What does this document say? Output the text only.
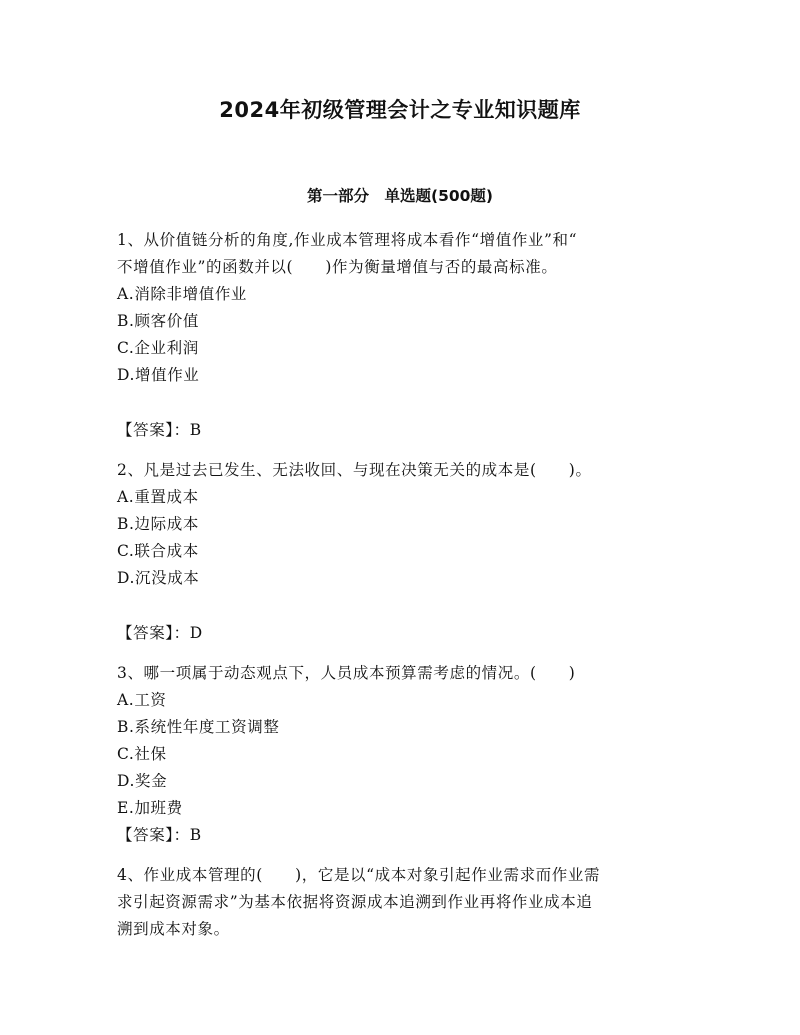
2024年初级管理会计之专业知识题库
第一部分　单选题(500题)
1、从价值链分析的角度,作业成本管理将成本看作“增值作业”和“
不增值作业”的函数并以(　　)作为衡量增值与否的最高标准。
A.消除非增值作业
B.顾客价值
C.企业利润
D.增值作业
【答案】：B
2、凡是过去已发生、无法收回、与现在决策无关的成本是(　　)。
A.重置成本
B.边际成本
C.联合成本
D.沉没成本
【答案】：D
3、哪一项属于动态观点下，人员成本预算需考虑的情况。(　　)
A.工资
B.系统性年度工资调整
C.社保
D.奖金
E.加班费
【答案】：B
4、作业成本管理的(　　)，它是以“成本对象引起作业需求而作业需
求引起资源需求”为基本依据将资源成本追溯到作业再将作业成本追
溯到成本对象。
